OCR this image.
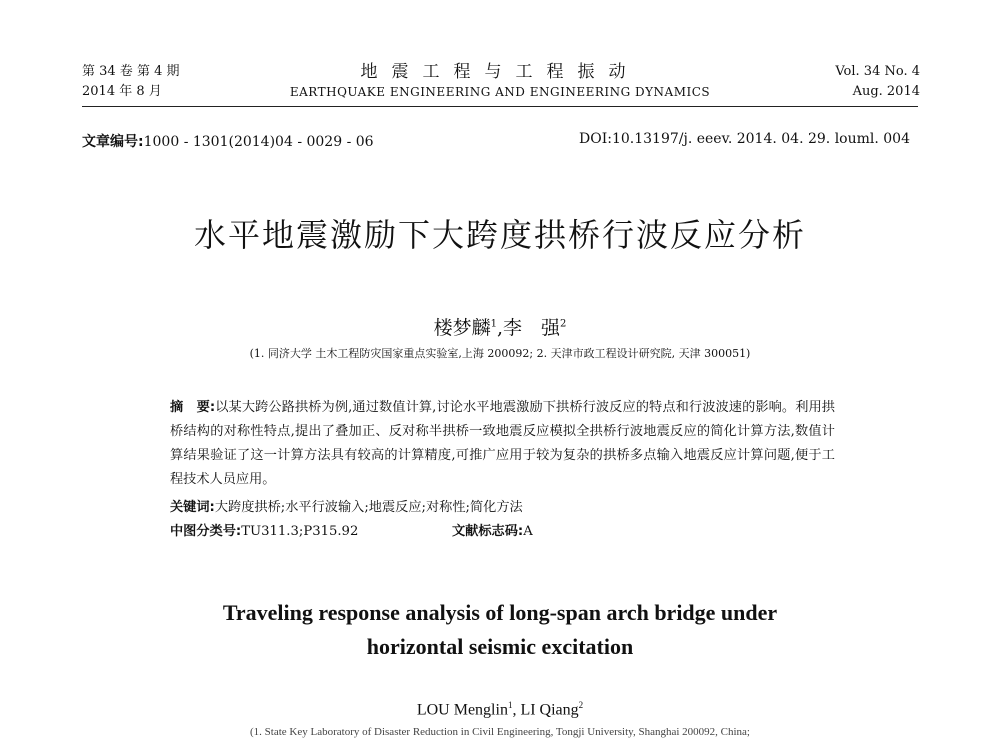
第 34 卷 第 4 期
2014 年 8 月
地震工程与工程振动
EARTHQUAKE ENGINEERING AND ENGINEERING DYNAMICS
Vol. 34 No. 4
Aug. 2014
文章编号:1000 - 1301(2014)04 - 0029 - 06	DOI:10.13197/j. eeev. 2014. 04. 29. louml. 004
水平地震激励下大跨度拱桥行波反应分析
楼梦麟$^1$,李　强$^2$
(1. 同济大学 土木工程防灾国家重点实验室,上海 200092; 2. 天津市政工程设计研究院, 天津 300051)

摘　要:以某大跨公路拱桥为例,通过数值计算,讨论水平地震激励下拱桥行波反应的特点和行波波速的影响。利用拱桥结构的对称性特点,提出了叠加正、反对称半拱桥一致地震反应模拟全拱桥行波地震反应的简化计算方法,数值计算结果验证了这一计算方法具有较高的计算精度,可推广应用于较为复杂的拱桥多点输入地震反应计算问题,便于工程技术人员应用。

关键词:大跨度拱桥;水平行波输入;地震反应;对称性;简化方法
中图分类号:TU311.3;P315.92	文献标志码:A
Traveling response analysis of long-span arch bridge under
horizontal seismic excitation
LOU Menglin$^1$, LI Qiang$^2$
(1. State Key Laboratory of Disaster Reduction in Civil Engineering, Tongji University, Shanghai 200092, China;
